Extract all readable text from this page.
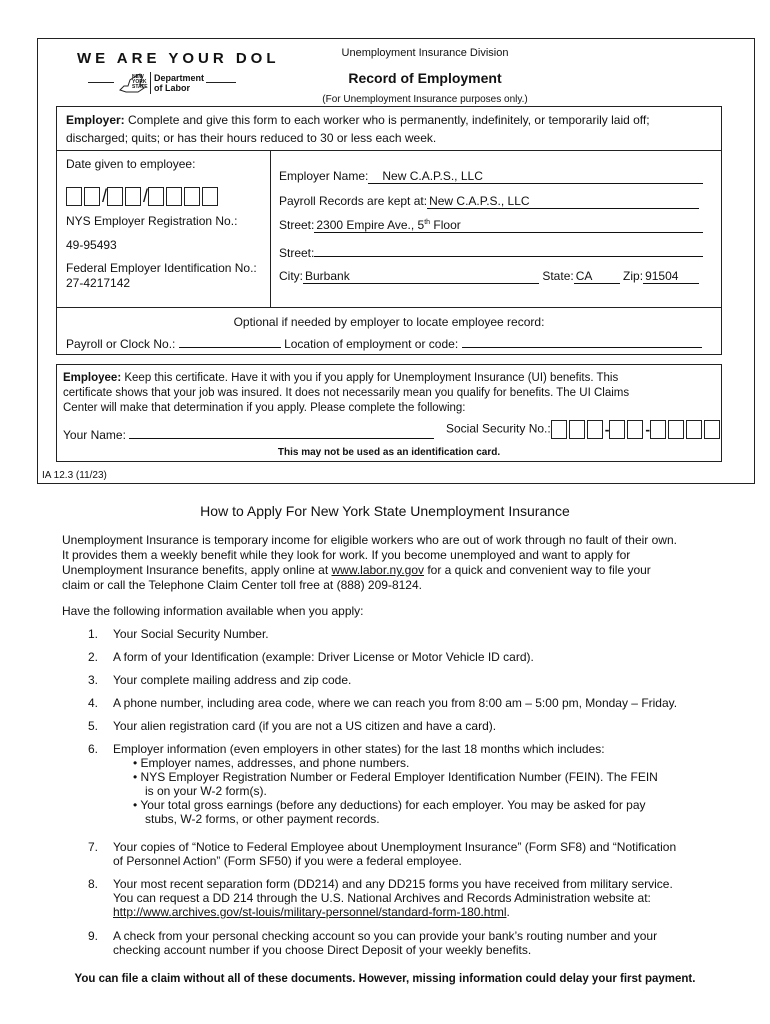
WE ARE YOUR DOL
NEW YORK STATE
Department
of Labor
Unemployment Insurance Division
Record of Employment
(For Unemployment Insurance purposes only.)
Employer: Complete and give this form to each worker who is permanently, indefinitely, or temporarily laid off;
discharged; quits; or has their hours reduced to 30 or less each week.
Date given to employee:
/ /
NYS Employer Registration No.:
49-95493
Federal Employer Identification No.:
27-4217142
Employer Name: New C.A.P.S., LLC
Payroll Records are kept at: New C.A.P.S., LLC
Street: 2300 Empire Ave., 5th Floor
Street:
City: Burbank	State: CA	Zip: 91504
Optional if needed by employer to locate employee record:
Payroll or Clock No.:	Location of employment or code:
Employee: Keep this certificate. Have it with you if you apply for Unemployment Insurance (UI) benefits. This
certificate shows that your job was insured. It does not necessarily mean you qualify for benefits. The UI Claims
Center will make that determination if you apply. Please complete the following:
Your Name:	Social Security No.:	-	-
This may not be used as an identification card.
IA 12.3 (11/23)
How to Apply For New York State Unemployment Insurance
Unemployment Insurance is temporary income for eligible workers who are out of work through no fault of their own.
It provides them a weekly benefit while they look for work. If you become unemployed and want to apply for
Unemployment Insurance benefits, apply online at www.labor.ny.gov for a quick and convenient way to file your
claim or call the Telephone Claim Center toll free at (888) 209-8124.
Have the following information available when you apply:
1. Your Social Security Number.
2. A form of your Identification (example: Driver License or Motor Vehicle ID card).
3. Your complete mailing address and zip code.
4. A phone number, including area code, where we can reach you from 8:00 am – 5:00 pm, Monday – Friday.
5. Your alien registration card (if you are not a US citizen and have a card).
6. Employer information (even employers in other states) for the last 18 months which includes:
• Employer names, addresses, and phone numbers.
• NYS Employer Registration Number or Federal Employer Identification Number (FEIN). The FEIN
is on your W-2 form(s).
• Your total gross earnings (before any deductions) for each employer. You may be asked for pay
stubs, W-2 forms, or other payment records.
7. Your copies of “Notice to Federal Employee about Unemployment Insurance” (Form SF8) and “Notification
of Personnel Action” (Form SF50) if you were a federal employee.
8. Your most recent separation form (DD214) and any DD215 forms you have received from military service.
You can request a DD 214 through the U.S. National Archives and Records Administration website at:
http://www.archives.gov/st-louis/military-personnel/standard-form-180.html.
9. A check from your personal checking account so you can provide your bank’s routing number and your
checking account number if you choose Direct Deposit of your weekly benefits.
You can file a claim without all of these documents. However, missing information could delay your first payment.
